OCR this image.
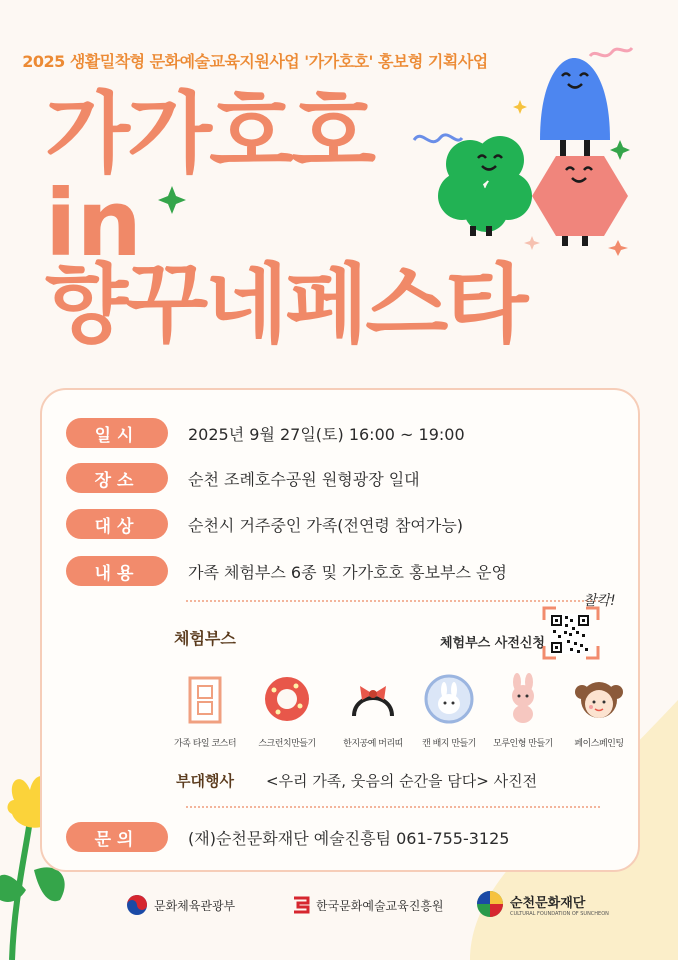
2025 생활밀착형 문화예술교육지원사업 '가가호호' 홍보형 기획사업
가가호호
in
향꾸네페스타
일시	2025년 9월 27일(토) 16:00 ~ 19:00
장소	순천 조례호수공원 원형광장 일대
대상	순천시 거주중인 가족(전연령 참여가능)
내용	가족 체험부스 6종 및 가가호호 홍보부스 운영
체험부스	체험부스 사전신청
찰칵!
가족 타일 코스터	스크런치만들기	한지공예 머리띠	캔 배지 만들기	모루인형 만들기	페이스페인팅
부대행사 <우리 가족, 웃음의 순간을 담다> 사진전
문의	(재)순천문화재단 예술진흥팀 061-755-3125
문화체육관광부	한국문화예술교육진흥원	순천문화재단
CULTURAL FOUNDATION OF SUNCHEON
